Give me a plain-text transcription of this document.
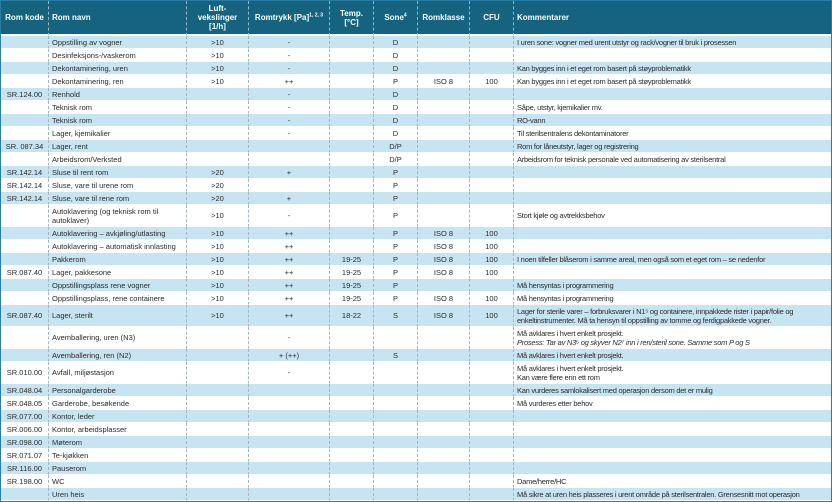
Rom kode	Rom navn	Luft-vekslinger
[1/h]	Romtrykk $[Pa]^{1, 2, 3}$	Temp. [°C]	Sone$^4$	Romklasse	CFU	Kommentarer
	Oppstilling av vogner	>10	-		D			I uren sone: vogner med urent utstyr og rack/vogner til bruk i prosessen
	Desinfeksjons-/vaskerom	>10	-		D			
	Dekontaminering, uren	>10	-		D			Kan bygges inn i et eget rom basert på støyproblematikk
	Dekontaminering, ren	>10	++		P	ISO 8	100	Kan bygges inn i et eget rom basert på støyproblematikk
SR.124.00	Renhold		-		D			
	Teknisk rom		-		D			Såpe, utstyr, kjemikalier mv.
	Teknisk rom		-		D			RO-vann
	Lager, kjemikalier		-		D			Til sterilsentralens dekontaminatorer
SR. 087.34	Lager, rent				D/P			Rom for låneutstyr, lager og registrering
	Arbeidsrom/Verksted				D/P			Arbeidsrom for teknisk personale ved automatisering av sterilsentral
SR.142.14	Sluse til rent rom	>20	+		P			
SR.142.14	Sluse, vare til urene rom	>20			P			
SR.142.14	Sluse, vare til rene rom	>20	+		P			
	Autoklavering (og teknisk rom til autoklaver)	>10	-		P			Stort kjøle og avtrekksbehov
	Autoklavering – avkjøling/utlasting	>10	++		P	ISO 8	100	
	Autoklavering – automatisk innlasting	>10	++		P	ISO 8	100	
	Pakkerom	>10	++	19-25	P	ISO 8	100	I noen tilfeller blåserom i samme areal, men også som et eget rom – se nedenfor
SR.087.40	Lager, pakkesone	>10	++	19-25	P	ISO 8	100	
	Oppstillingsplass rene vogner	>10	++	19-25	P			Må hensyntas i programmering
	Oppstillingsplass, rene containere	>10	++	19-25	P	ISO 8	100	Må hensyntas i programmering
SR.087.40	Lager, sterilt	>10	++	18-22	S	ISO 8	100	Lager for sterile varer – forbruksvarer i N1⁵ og containere, innpakkede rister i papir/folie og enkeltinstrumenter. Må ta hensyn til oppstilling av tomme og ferdigpakkede vogner.
	Avemballering, uren (N3)		-					Må avklares i hvert enkelt prosjekt.
Prosess: Tar av N3⁵ og skyver N2⁷ inn i ren/steril sone. Samme som P og S
	Avemballering, ren (N2)		+ (++)		S			Må avklares i hvert enkelt prosjekt.
SR.010.00	Avfall, miljøstasjon		-					Må avklares i hvert enkelt prosjekt.
Kan være flere enn ett rom
SR.048.04	Personalgarderobe							Kan vurderes samlokalisert med operasjon dersom det er mulig
SR.048.05	Garderobe, besøkende							Må vurderes etter behov
SR.077.00	Kontor, leder							
SR.006.00	Kontor, arbeidsplasser							
SR.098.00	Møterom							
SR.071.07	Te-kjøkken							
SR.116.00	Pauserom							
SR.198.00	WC							Dame/herre/HC
	Uren heis							Må sikre at uren heis plasseres i urent område på sterilsentralen. Grensesnitt mot operasjon
